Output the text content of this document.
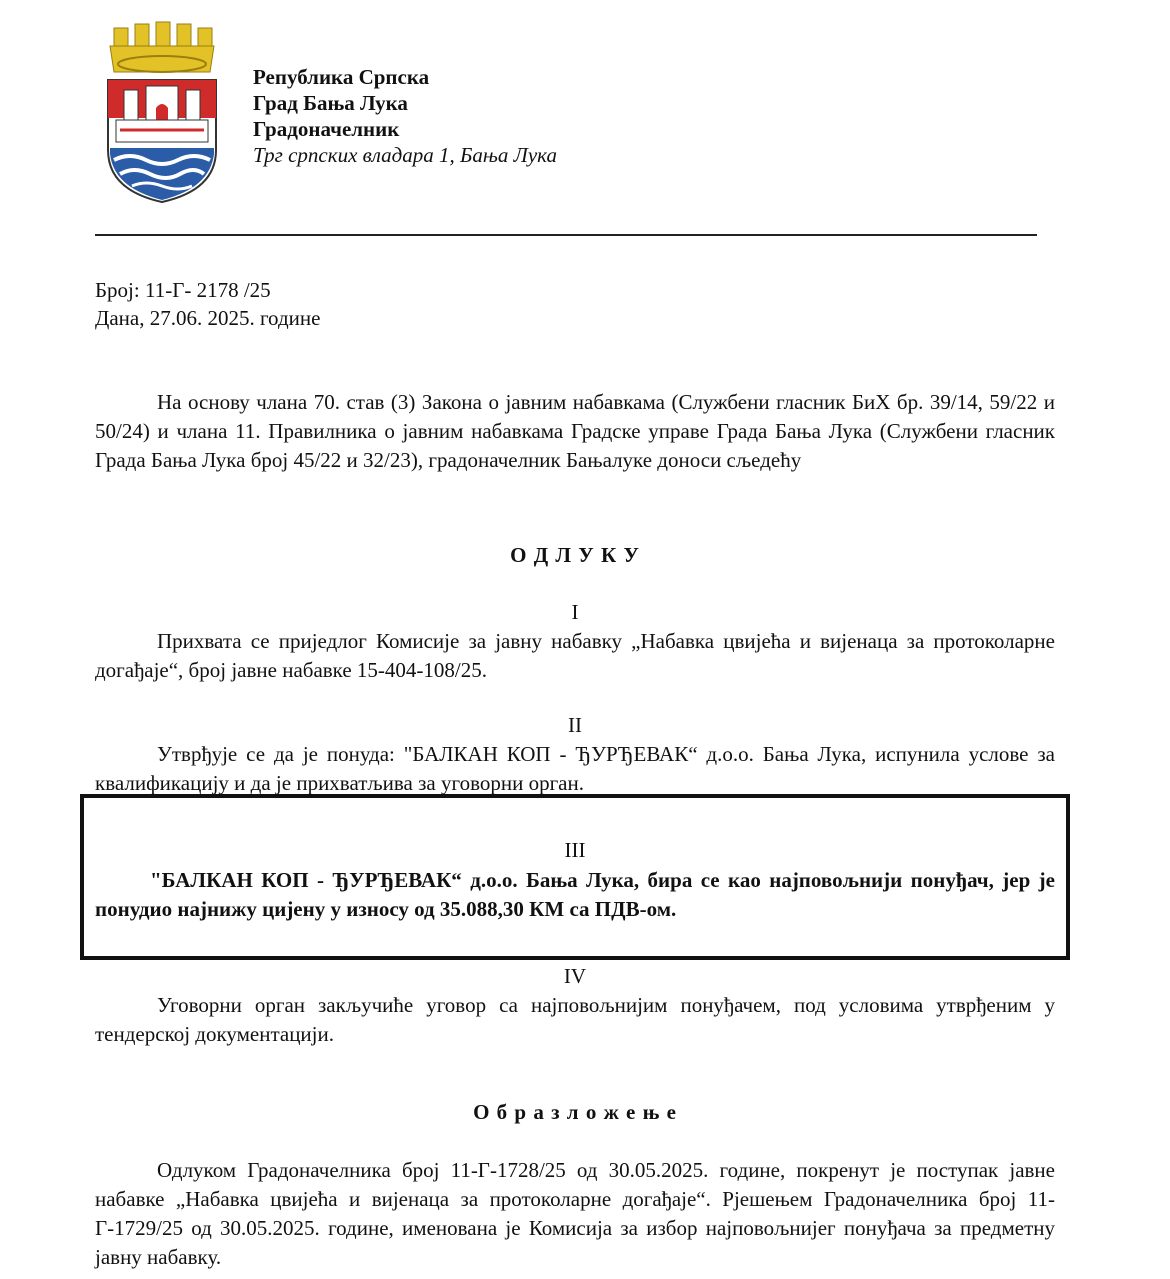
Република Српска
Град Бања Лука
Градоначелник
Трг српских владара 1, Бања Лука
Број: 11-Г- 2178 /25
Дана, 27.06. 2025. године
На основу члана 70. став (3) Закона о јавним набавкама (Службени гласник БиХ бр. 39/14, 59/22 и 50/24) и члана 11. Правилника о јавним набавкама Градске управе Града Бања Лука (Службени гласник Града Бања Лука број 45/22 и 32/23), градоначелник Бањалуке доноси сљедећу
О Д Л У К У
I
Прихвата се приједлог Комисије за јавну набавку „Набавка цвијећа и вијенаца за протоколарне догађаје“, број јавне набавке 15-404-108/25.
II
Утврђује се да је понуда: "БАЛКАН КОП - ЂУРЂЕВАК“ д.о.о. Бања Лука, испунила услове за квалификацију и да је прихватљива за уговорни орган.
III
"БАЛКАН КОП - ЂУРЂЕВАК“ д.о.о. Бања Лука, бира се као најповољнији понуђач, јер је понудио најнижу цијену у износу од 35.088,30 КМ са ПДВ-ом.
IV
Уговорни орган закључиће уговор са најповољнијим понуђачем, под условима утврђеним у тендерској документацији.
О б р а з л о ж е њ е
Одлуком Градоначелника број 11-Г-1728/25 од 30.05.2025. године, покренут је поступак јавне набавке „Набавка цвијећа и вијенаца за протоколарне догађаје“. Рјешењем Градоначелника број 11-Г-1729/25 од 30.05.2025. године, именована је Комисија за избор најповољнијег понуђача за предметну јавну набавку.
